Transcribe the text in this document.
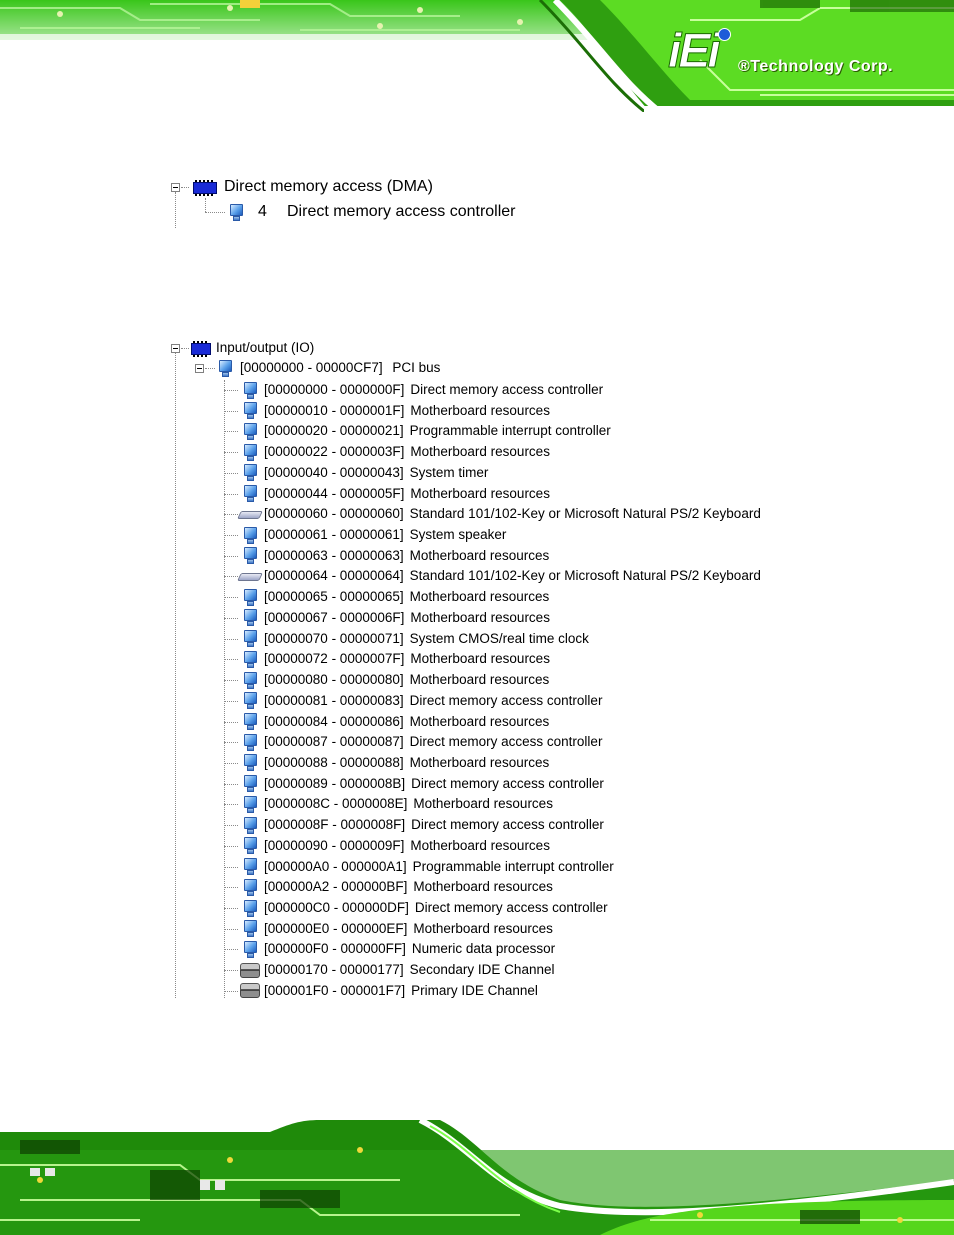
iEi ®Technology Corp.
Direct memory access (DMA)
4 Direct memory access controller
Input/output (IO)
[00000000 - 00000CF7] PCI bus
[00000000 - 0000000F] Direct memory access controller
[00000010 - 0000001F] Motherboard resources
[00000020 - 00000021] Programmable interrupt controller
[00000022 - 0000003F] Motherboard resources
[00000040 - 00000043] System timer
[00000044 - 0000005F] Motherboard resources
[00000060 - 00000060] Standard 101/102-Key or Microsoft Natural PS/2 Keyboard
[00000061 - 00000061] System speaker
[00000063 - 00000063] Motherboard resources
[00000064 - 00000064] Standard 101/102-Key or Microsoft Natural PS/2 Keyboard
[00000065 - 00000065] Motherboard resources
[00000067 - 0000006F] Motherboard resources
[00000070 - 00000071] System CMOS/real time clock
[00000072 - 0000007F] Motherboard resources
[00000080 - 00000080] Motherboard resources
[00000081 - 00000083] Direct memory access controller
[00000084 - 00000086] Motherboard resources
[00000087 - 00000087] Direct memory access controller
[00000088 - 00000088] Motherboard resources
[00000089 - 0000008B] Direct memory access controller
[0000008C - 0000008E] Motherboard resources
[0000008F - 0000008F] Direct memory access controller
[00000090 - 0000009F] Motherboard resources
[000000A0 - 000000A1] Programmable interrupt controller
[000000A2 - 000000BF] Motherboard resources
[000000C0 - 000000DF] Direct memory access controller
[000000E0 - 000000EF] Motherboard resources
[000000F0 - 000000FF] Numeric data processor
[00000170 - 00000177] Secondary IDE Channel
[000001F0 - 000001F7] Primary IDE Channel
